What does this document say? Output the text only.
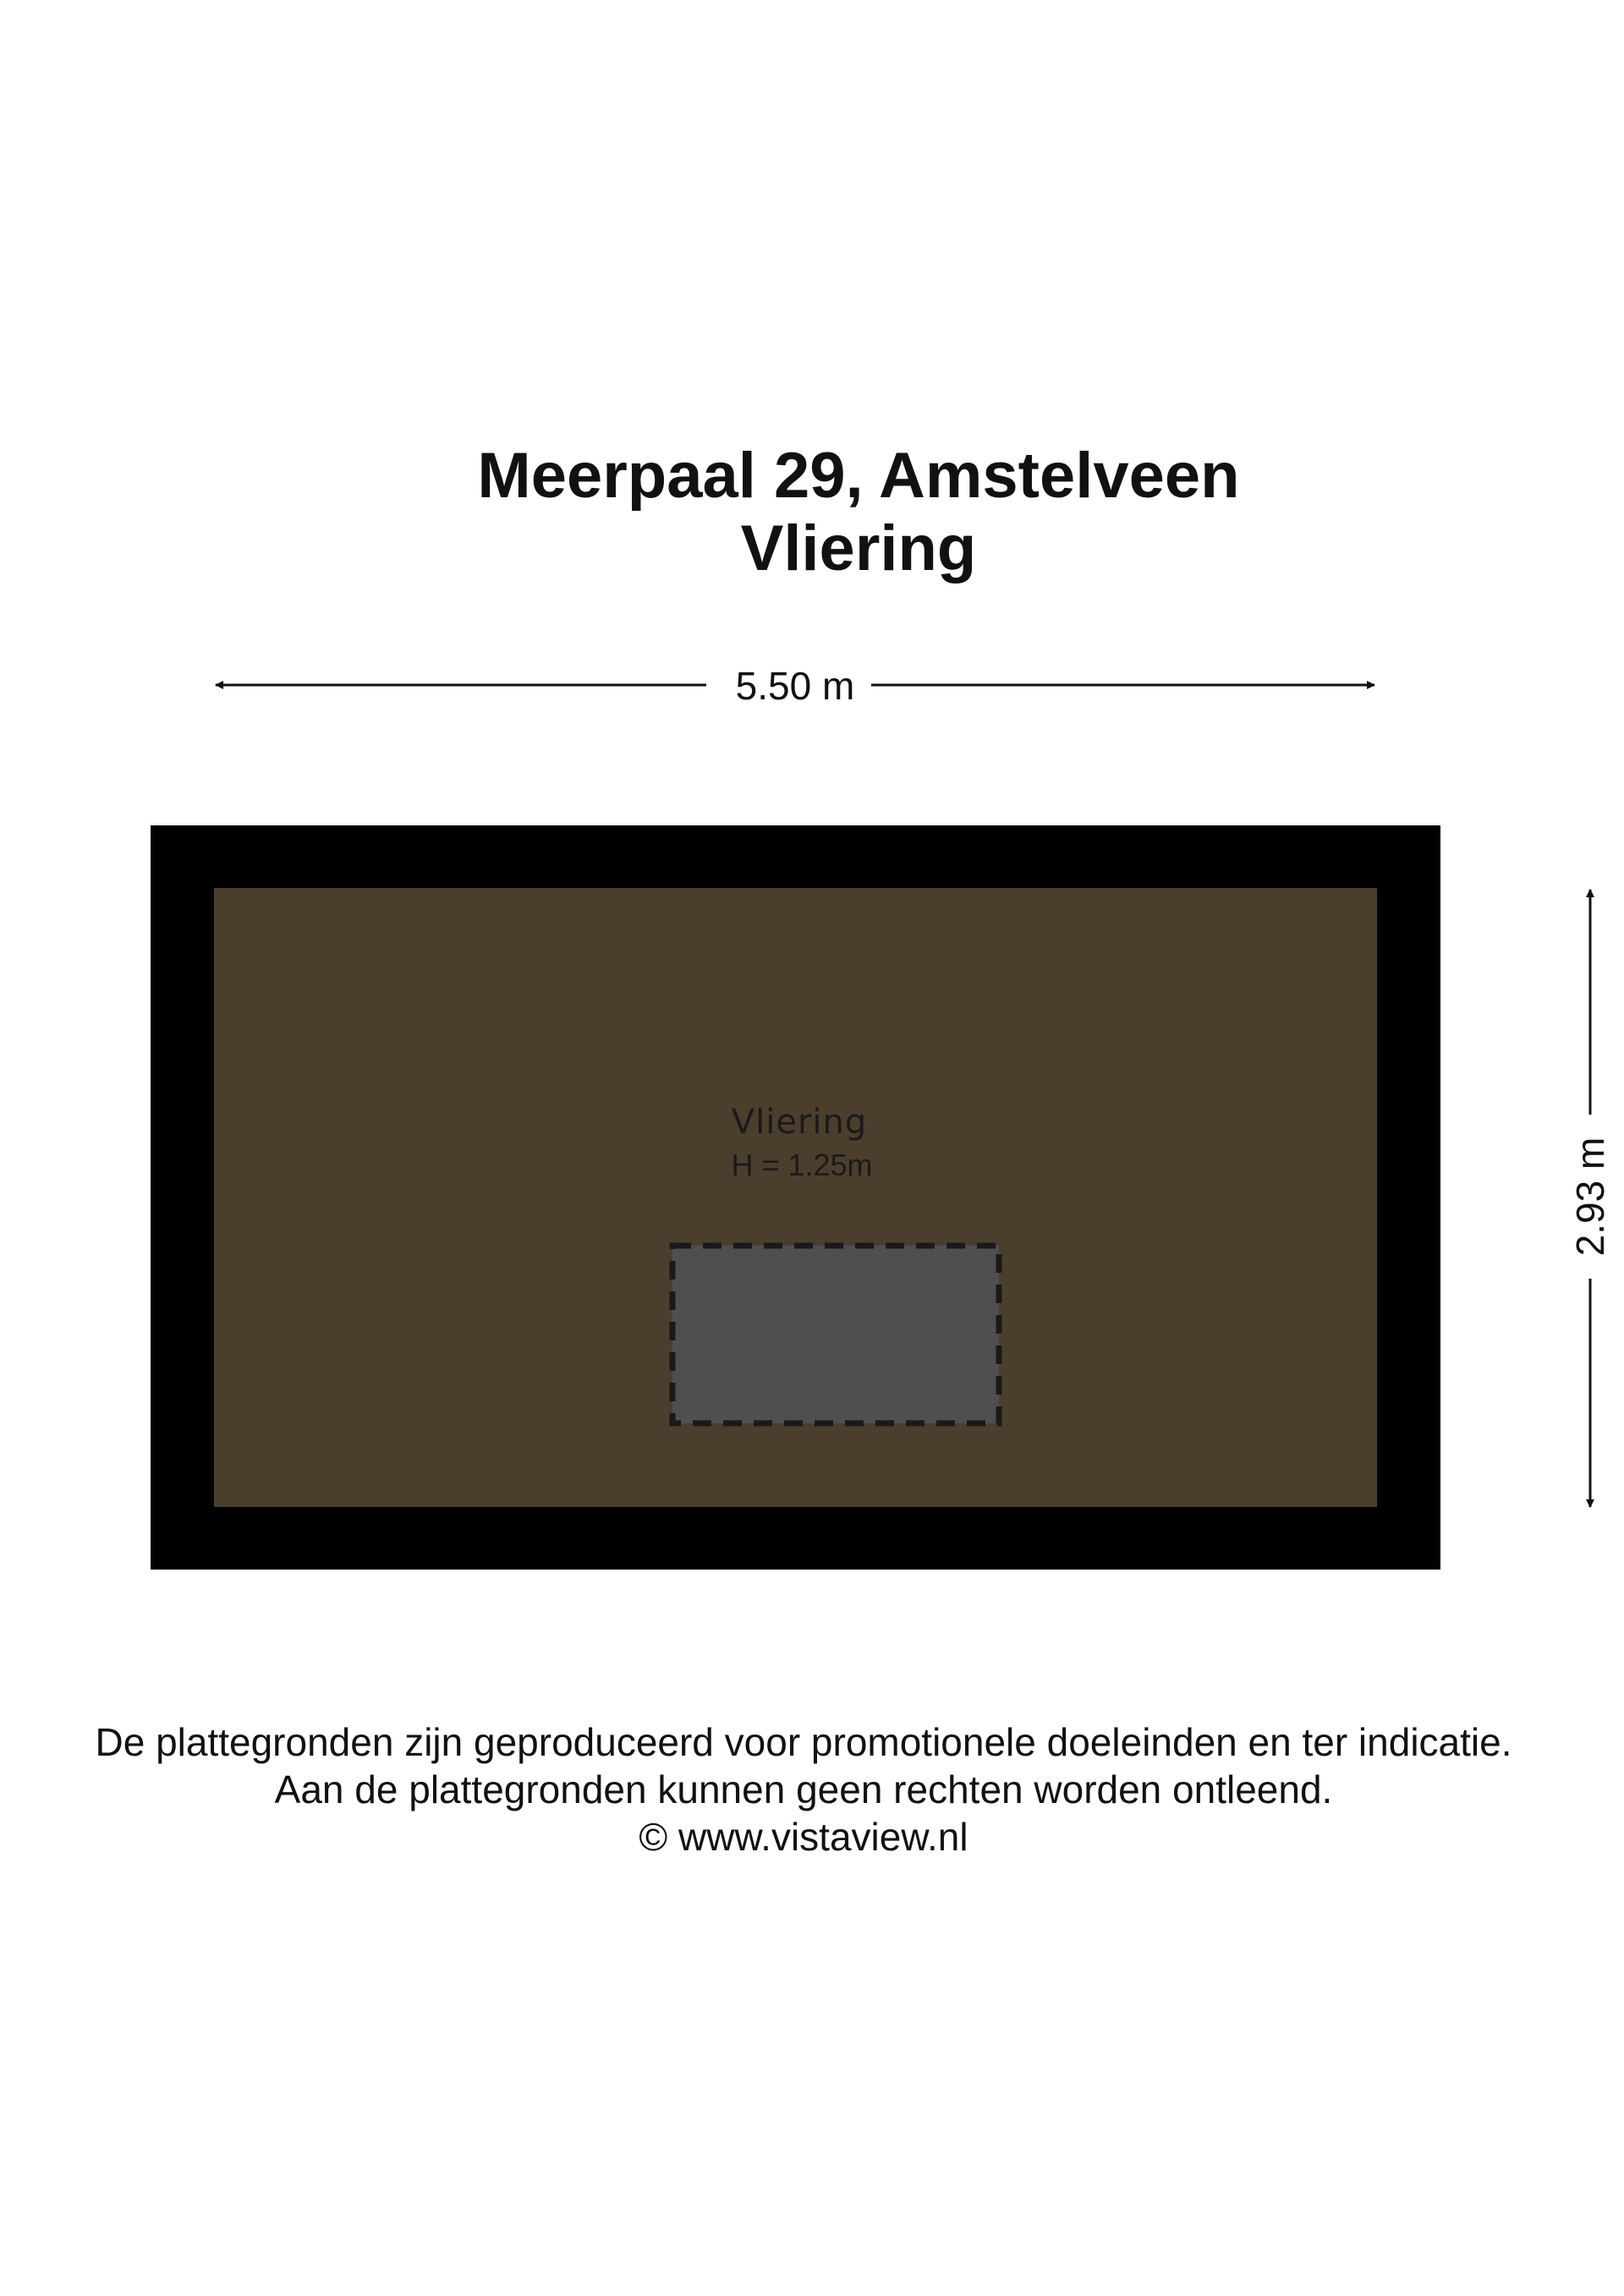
Meerpaal 29, Amstelveen
Vliering
5.50 m
Vliering
H = 1.25m	2.93 m
De plattegronden zijn geproduceerd voor promotionele doeleinden en ter indicatie.
Aan de plattegronden kunnen geen rechten worden ontleend.
© www.vistaview.nl
